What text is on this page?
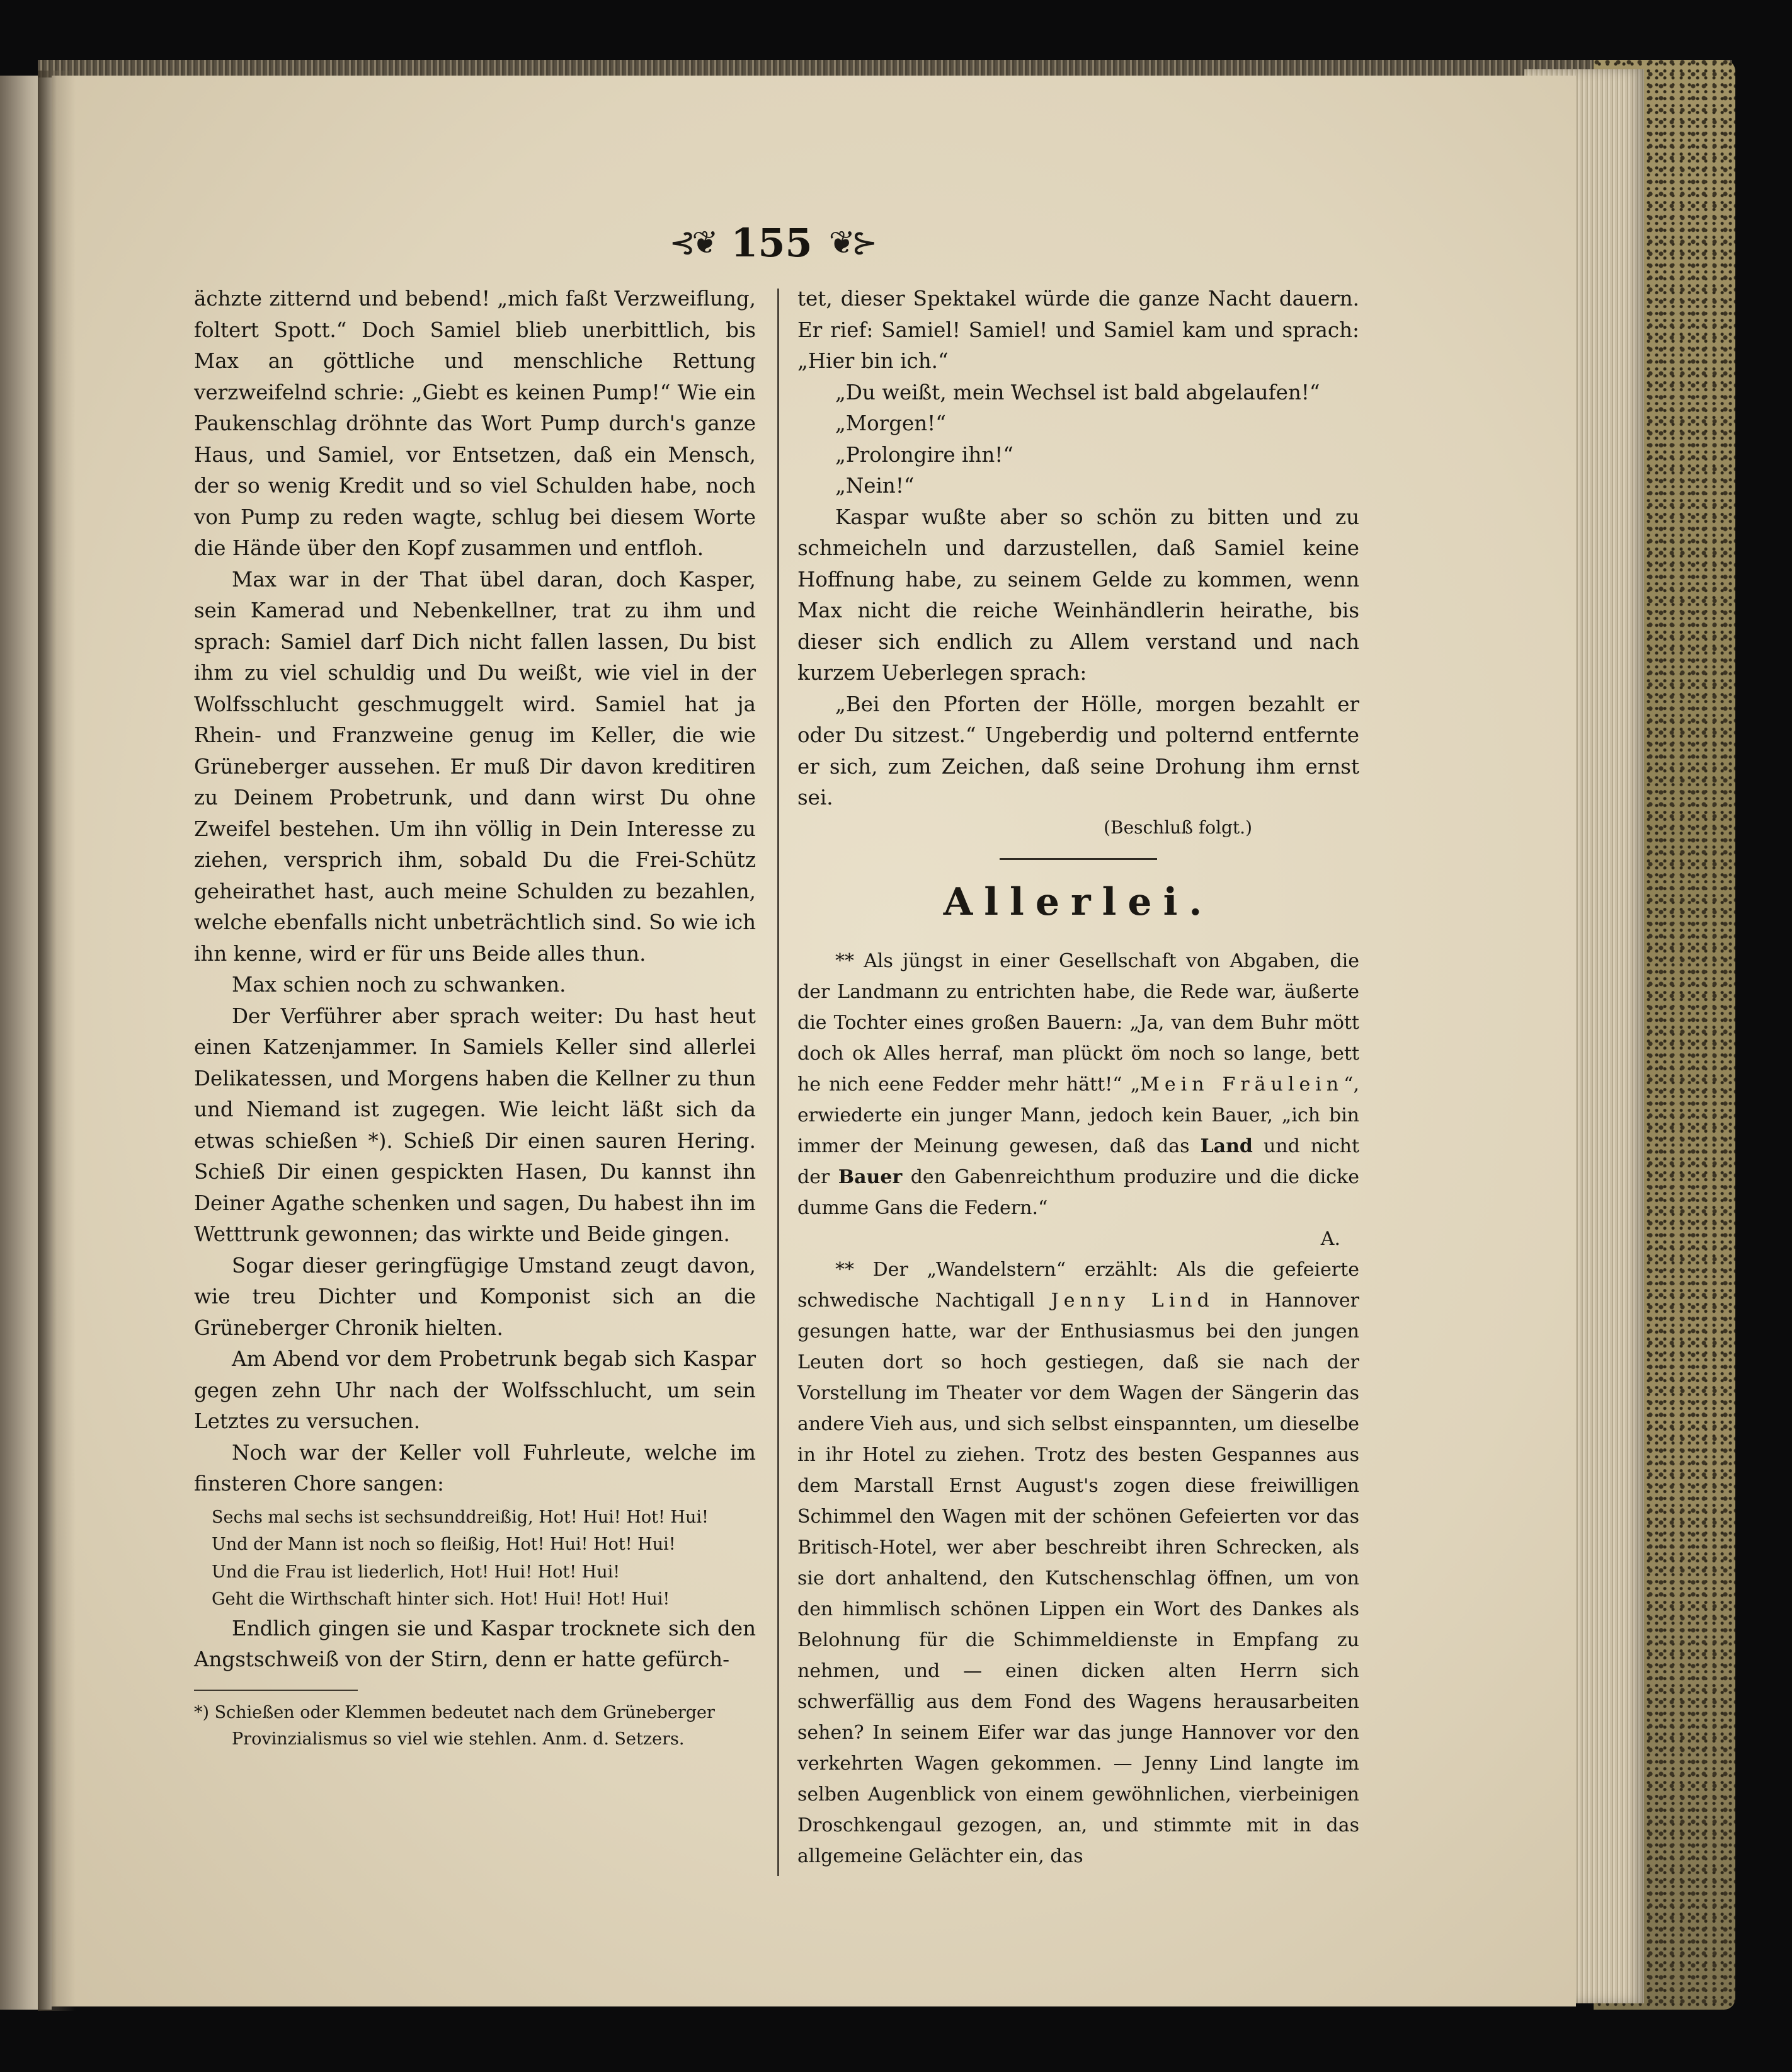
⊰❦ 155 ❦⊱

ächzte zitternd und bebend! „mich faßt Verzweiflung, foltert Spott.“ Doch Samiel blieb unerbittlich, bis Max an göttliche und menschliche Rettung verzweifelnd schrie: „Giebt es keinen Pump!“ Wie ein Paukenschlag dröhnte das Wort Pump durch's ganze Haus, und Samiel, vor Entsetzen, daß ein Mensch, der so wenig Kredit und so viel Schulden habe, noch von Pump zu reden wagte, schlug bei diesem Worte die Hände über den Kopf zusammen und entfloh.

Max war in der That übel daran, doch Kasper, sein Kamerad und Nebenkellner, trat zu ihm und sprach: Samiel darf Dich nicht fallen lassen, Du bist ihm zu viel schuldig und Du weißt, wie viel in der Wolfsschlucht geschmuggelt wird. Samiel hat ja Rhein- und Franzweine genug im Keller, die wie Grüneberger aussehen. Er muß Dir davon kreditiren zu Deinem Probetrunk, und dann wirst Du ohne Zweifel bestehen. Um ihn völlig in Dein Interesse zu ziehen, versprich ihm, sobald Du die Frei-Schütz geheirathet hast, auch meine Schulden zu bezahlen, welche ebenfalls nicht unbeträchtlich sind. So wie ich ihn kenne, wird er für uns Beide alles thun.

Max schien noch zu schwanken.

Der Verführer aber sprach weiter: Du hast heut einen Katzenjammer. In Samiels Keller sind allerlei Delikatessen, und Morgens haben die Kellner zu thun und Niemand ist zugegen. Wie leicht läßt sich da etwas schießen *). Schieß Dir einen sauren Hering. Schieß Dir einen gespickten Hasen, Du kannst ihn Deiner Agathe schenken und sagen, Du habest ihn im Wetttrunk gewonnen; das wirkte und Beide gingen.

Sogar dieser geringfügige Umstand zeugt davon, wie treu Dichter und Komponist sich an die Grüneberger Chronik hielten.

Am Abend vor dem Probetrunk begab sich Kaspar gegen zehn Uhr nach der Wolfsschlucht, um sein Letztes zu versuchen.

Noch war der Keller voll Fuhrleute, welche im finsteren Chore sangen:

Sechs mal sechs ist sechsunddreißig, Hot! Hui! Hot! Hui!
Und der Mann ist noch so fleißig, Hot! Hui! Hot! Hui!
Und die Frau ist liederlich, Hot! Hui! Hot! Hui!
Geht die Wirthschaft hinter sich. Hot! Hui! Hot! Hui!

Endlich gingen sie und Kaspar trocknete sich den Angstschweiß von der Stirn, denn er hatte gefürch-

*) Schießen oder Klemmen bedeutet nach dem Grüneberger

Provinzialismus so viel wie stehlen. Anm. d. Setzers.

tet, dieser Spektakel würde die ganze Nacht dauern. Er rief: Samiel! Samiel! und Samiel kam und sprach: „Hier bin ich.“

„Du weißt, mein Wechsel ist bald abgelaufen!“

„Morgen!“

„Prolongire ihn!“

„Nein!“

Kaspar wußte aber so schön zu bitten und zu schmeicheln und darzustellen, daß Samiel keine Hoffnung habe, zu seinem Gelde zu kommen, wenn Max nicht die reiche Weinhändlerin heirathe, bis dieser sich endlich zu Allem verstand und nach kurzem Ueberlegen sprach:

„Bei den Pforten der Hölle, morgen bezahlt er oder Du sitzest.“ Ungeberdig und polternd entfernte er sich, zum Zeichen, daß seine Drohung ihm ernst sei.

(Beschluß folgt.)

Allerlei.

** Als jüngst in einer Gesellschaft von Abgaben, die der Landmann zu entrichten habe, die Rede war, äußerte die Tochter eines großen Bauern: „Ja, van dem Buhr mött doch ok Alles herraf, man plückt öm noch so lange, bett he nich eene Fedder mehr hätt!“ „Mein Fräulein“, erwiederte ein junger Mann, jedoch kein Bauer, „ich bin immer der Meinung gewesen, daß das Land und nicht der Bauer den Gabenreichthum produzire und die dicke dumme Gans die Federn.“
A.

** Der „Wandelstern“ erzählt: Als die gefeierte schwedische Nachtigall Jenny Lind in Hannover gesungen hatte, war der Enthusiasmus bei den jungen Leuten dort so hoch gestiegen, daß sie nach der Vorstellung im Theater vor dem Wagen der Sängerin das andere Vieh aus, und sich selbst einspannten, um dieselbe in ihr Hotel zu ziehen. Trotz des besten Gespannes aus dem Marstall Ernst August's zogen diese freiwilligen Schimmel den Wagen mit der schönen Gefeierten vor das Britisch-Hotel, wer aber beschreibt ihren Schrecken, als sie dort anhaltend, den Kutschenschlag öffnen, um von den himmlisch schönen Lippen ein Wort des Dankes als Belohnung für die Schimmeldienste in Empfang zu nehmen, und — einen dicken alten Herrn sich schwerfällig aus dem Fond des Wagens herausarbeiten sehen? In seinem Eifer war das junge Hannover vor den verkehrten Wagen gekommen. — Jenny Lind langte im selben Augenblick von einem gewöhnlichen, vierbeinigen Droschkengaul gezogen, an, und stimmte mit in das allgemeine Gelächter ein, das
